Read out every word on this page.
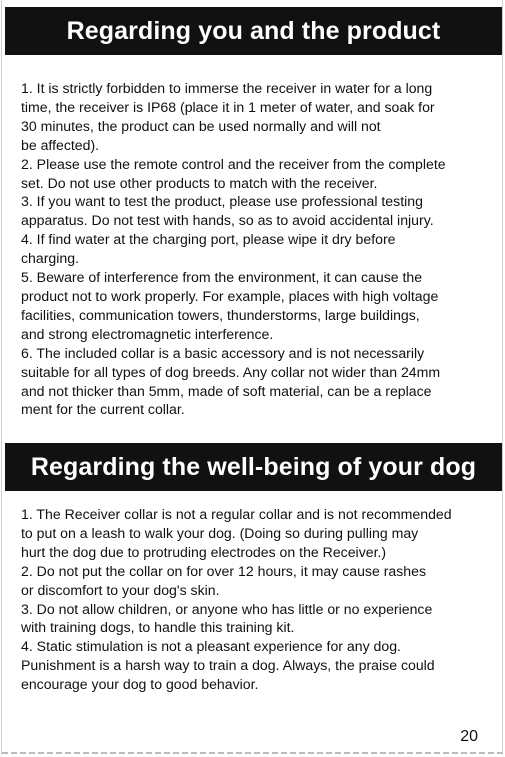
Regarding you and the product

1. It is strictly forbidden to immerse the receiver in water for a long

time, the receiver is IP68 (place it in 1 meter of water, and soak for

30 minutes, the product can be used normally and will not

be affected).

2. Please use the remote control and the receiver from the complete

set. Do not use other products to match with the receiver.

3. If you want to test the product, please use professional testing

apparatus. Do not test with hands, so as to avoid accidental injury.

4. If find water at the charging port, please wipe it dry before

charging.

5. Beware of interference from the environment, it can cause the

product not to work properly. For example, places with high voltage

facilities, communication towers, thunderstorms, large buildings,

and strong electromagnetic interference.

6. The included collar is a basic accessory and is not necessarily

suitable for all types of dog breeds. Any collar not wider than 24mm

and not thicker than 5mm, made of soft material, can be a replace

ment for the current collar.

Regarding the well-being of your dog

1. The Receiver collar is not a regular collar and is not recommended

to put on a leash to walk your dog. (Doing so during pulling may

hurt the dog due to protruding electrodes on the Receiver.)

2. Do not put the collar on for over 12 hours, it may cause rashes

or discomfort to your dog's skin.

3. Do not allow children, or anyone who has little or no experience

with training dogs, to handle this training kit.

4. Static stimulation is not a pleasant experience for any dog.

Punishment is a harsh way to train a dog. Always, the praise could

encourage your dog to good behavior.

20
